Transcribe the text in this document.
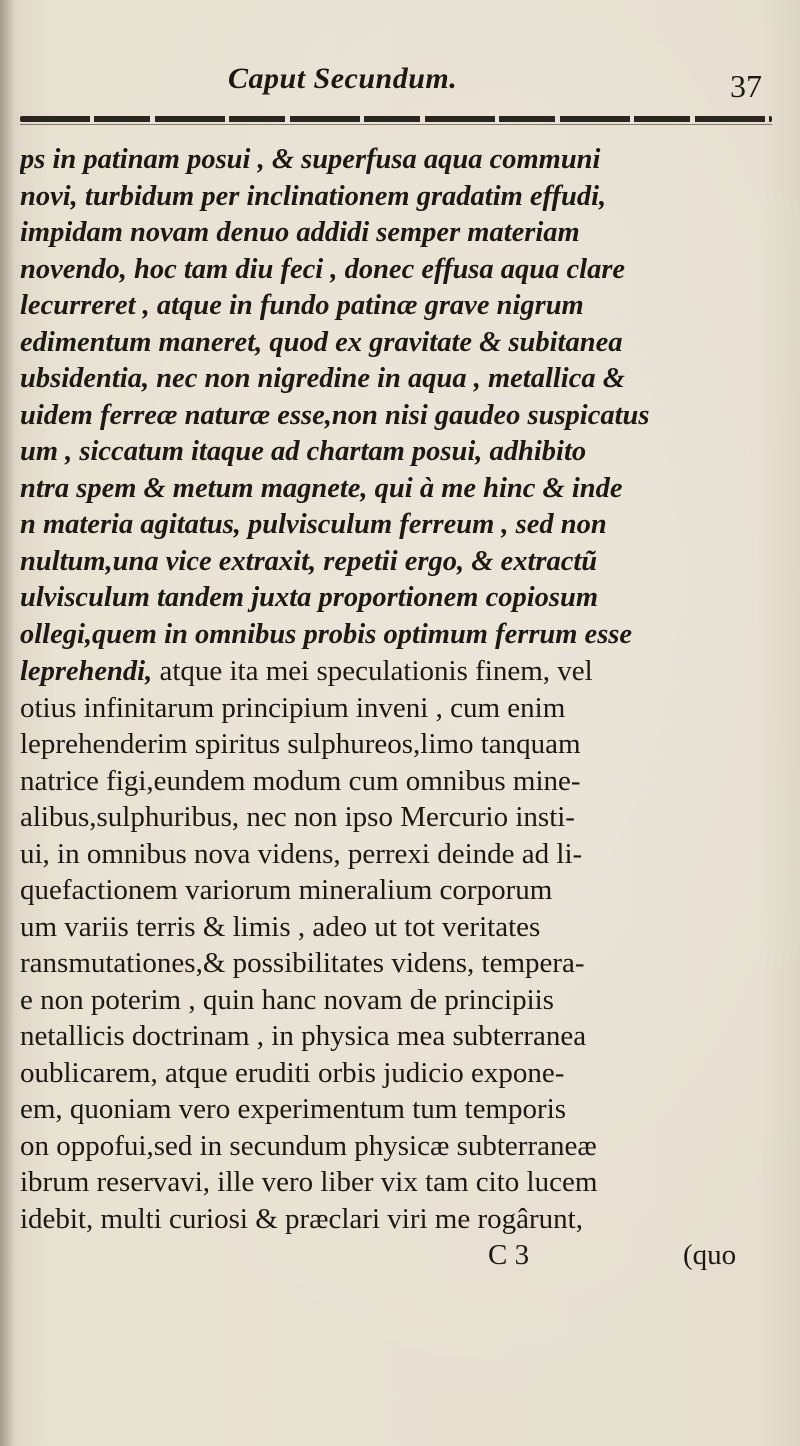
Caput Secundum.	37
ps in patinam posui , & superfusa aqua communi
novi, turbidum per inclinationem gradatim effudi,
impidam novam denuo addidi semper materiam
novendo, hoc tam diu feci , donec effusa aqua clare
lecurreret , atque in fundo patinæ grave nigrum
edimentum maneret, quod ex gravitate & subitanea
ubsidentia, nec non nigredine in aqua , metallica &
uidem ferreæ naturæ esse,non nisi gaudeo suspicatus
um , siccatum itaque ad chartam posui, adhibito
ntra spem & metum magnete, qui à me hinc & inde
n materia agitatus, pulvisculum ferreum , sed non
nultum,una vice extraxit, repetii ergo, & extractũ
ulvisculum tandem juxta proportionem copiosum
ollegi,quem in omnibus probis optimum ferrum esse
leprehendi, atque ita mei speculationis finem, vel
otius infinitarum principium inveni , cum enim
leprehenderim spiritus sulphureos,limo tanquam
natrice figi,eundem modum cum omnibus mine-
alibus,sulphuribus, nec non ipso Mercurio insti-
ui, in omnibus nova videns, perrexi deinde ad li-
quefactionem variorum mineralium corporum
um variis terris & limis , adeo ut tot veritates
ransmutationes,& possibilitates videns, tempera-
e non poterim , quin hanc novam de principiis
netallicis doctrinam , in physica mea subterranea
oublicarem, atque eruditi orbis judicio expone-
em, quoniam vero experimentum tum temporis
on oppofui,sed in secundum physicæ subterraneæ
ibrum reservavi, ille vero liber vix tam cito lucem
idebit, multi curiosi & præclari viri me rogârunt,
C 3	(quo
